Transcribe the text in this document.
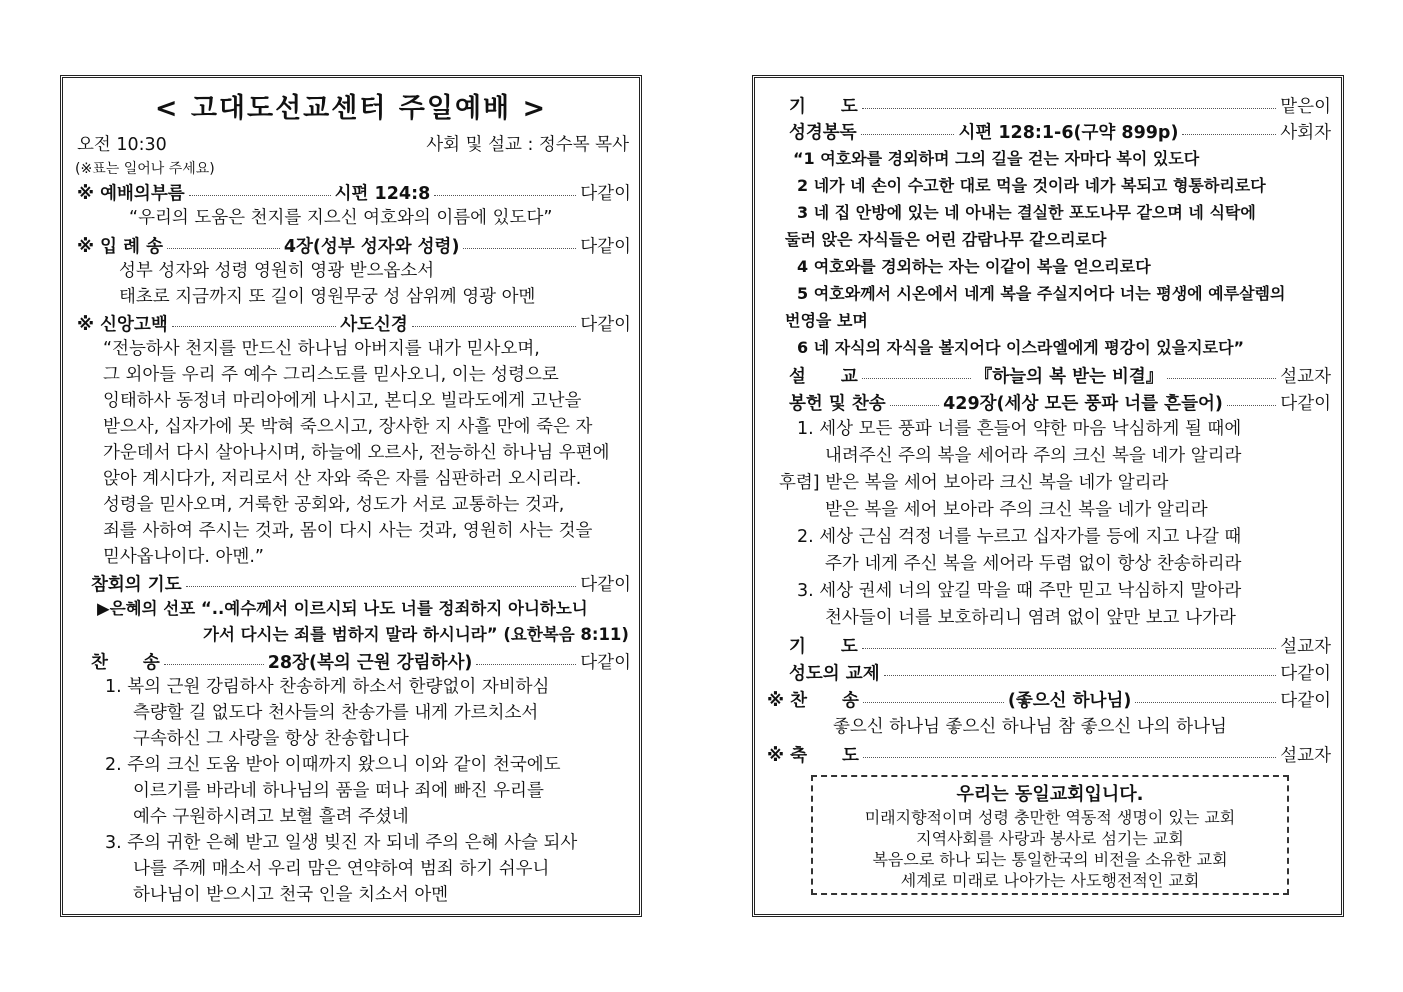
< 고대도선교센터 주일예배 >
오전 10:30	사회 및 설교 : 정수목 목사
(※표는 일어나 주세요)
※ 예배의부름	시편 124:8	다같이
“우리의 도움은 천지를 지으신 여호와의 이름에 있도다”
※ 입 례 송	4장(성부 성자와 성령)	다같이
성부 성자와 성령 영원히 영광 받으옵소서
태초로 지금까지 또 길이 영원무궁 성 삼위께 영광 아멘
※ 신앙고백	사도신경	다같이
“전능하사 천지를 만드신 하나님 아버지를 내가 믿사오며,
그 외아들 우리 주 예수 그리스도를 믿사오니, 이는 성령으로
잉태하사 동정녀 마리아에게 나시고, 본디오 빌라도에게 고난을
받으사, 십자가에 못 박혀 죽으시고, 장사한 지 사흘 만에 죽은 자
가운데서 다시 살아나시며, 하늘에 오르사, 전능하신 하나님 우편에
앉아 계시다가, 저리로서 산 자와 죽은 자를 심판하러 오시리라.
성령을 믿사오며, 거룩한 공회와, 성도가 서로 교통하는 것과,
죄를 사하여 주시는 것과, 몸이 다시 사는 것과, 영원히 사는 것을
믿사옵나이다. 아멘.”
참회의 기도	다같이
▶은혜의 선포 “..예수께서 이르시되 나도 너를 정죄하지 아니하노니
가서 다시는 죄를 범하지 말라 하시니라” (요한복음 8:11)
찬　　송	28장(복의 근원 강림하사)	다같이
1. 복의 근원 강림하사 찬송하게 하소서 한량없이 자비하심
측량할 길 없도다 천사들의 찬송가를 내게 가르치소서
구속하신 그 사랑을 항상 찬송합니다
2. 주의 크신 도움 받아 이때까지 왔으니 이와 같이 천국에도
이르기를 바라네 하나님의 품을 떠나 죄에 빠진 우리를
예수 구원하시려고 보혈 흘려 주셨네
3. 주의 귀한 은혜 받고 일생 빚진 자 되네 주의 은혜 사슬 되사
나를 주께 매소서 우리 맘은 연약하여 범죄 하기 쉬우니
하나님이 받으시고 천국 인을 치소서 아멘
기　　도	맡은이
성경봉독	시편 128:1-6(구약 899p)	사회자
“1 여호와를 경외하며 그의 길을 걷는 자마다 복이 있도다
2 네가 네 손이 수고한 대로 먹을 것이라 네가 복되고 형통하리로다
3 네 집 안방에 있는 네 아내는 결실한 포도나무 같으며 네 식탁에
둘러 앉은 자식들은 어린 감람나무 같으리로다
4 여호와를 경외하는 자는 이같이 복을 얻으리로다
5 여호와께서 시온에서 네게 복을 주실지어다 너는 평생에 예루살렘의
번영을 보며
6 네 자식의 자식을 볼지어다 이스라엘에게 평강이 있을지로다”
설　　교	『하늘의 복 받는 비결』	설교자
봉헌 및 찬송	429장(세상 모든 풍파 너를 흔들어)	다같이
1. 세상 모든 풍파 너를 흔들어 약한 마음 낙심하게 될 때에
내려주신 주의 복을 세어라 주의 크신 복을 네가 알리라
후렴] 받은 복을 세어 보아라 크신 복을 네가 알리라
받은 복을 세어 보아라 주의 크신 복을 네가 알리라
2. 세상 근심 걱정 너를 누르고 십자가를 등에 지고 나갈 때
주가 네게 주신 복을 세어라 두렴 없이 항상 찬송하리라
3. 세상 권세 너의 앞길 막을 때 주만 믿고 낙심하지 말아라
천사들이 너를 보호하리니 염려 없이 앞만 보고 나가라
기　　도	설교자
성도의 교제	다같이
※ 찬　　송	(좋으신 하나님)	다같이
좋으신 하나님 좋으신 하나님 참 좋으신 나의 하나님
※ 축　　도	설교자
우리는 동일교회입니다.
미래지향적이며 성령 충만한 역동적 생명이 있는 교회
지역사회를 사랑과 봉사로 섬기는 교회
복음으로 하나 되는 통일한국의 비전을 소유한 교회
세계로 미래로 나아가는 사도행전적인 교회
